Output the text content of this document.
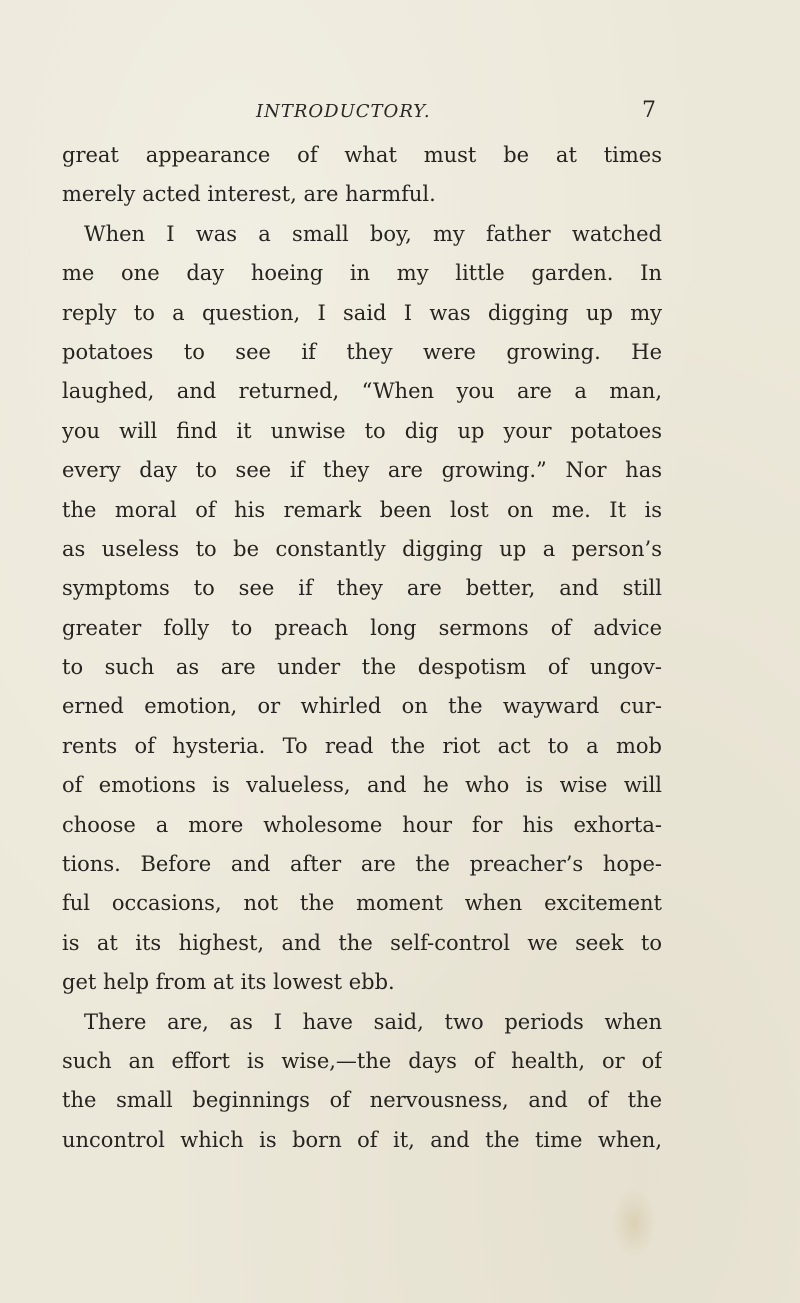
INTRODUCTORY.	7
great appearance of what must be at times
merely acted interest, are harmful.
When I was a small boy, my father watched
me one day hoeing in my little garden. In
reply to a question, I said I was digging up my
potatoes to see if they were growing. He
laughed, and returned, “When you are a man,
you will find it unwise to dig up your potatoes
every day to see if they are growing.” Nor has
the moral of his remark been lost on me. It is
as useless to be constantly digging up a person’s
symptoms to see if they are better, and still
greater folly to preach long sermons of advice
to such as are under the despotism of ungov-
erned emotion, or whirled on the wayward cur-
rents of hysteria. To read the riot act to a mob
of emotions is valueless, and he who is wise will
choose a more wholesome hour for his exhorta-
tions. Before and after are the preacher’s hope-
ful occasions, not the moment when excitement
is at its highest, and the self-control we seek to
get help from at its lowest ebb.
There are, as I have said, two periods when
such an effort is wise,—the days of health, or of
the small beginnings of nervousness, and of the
uncontrol which is born of it, and the time when,
